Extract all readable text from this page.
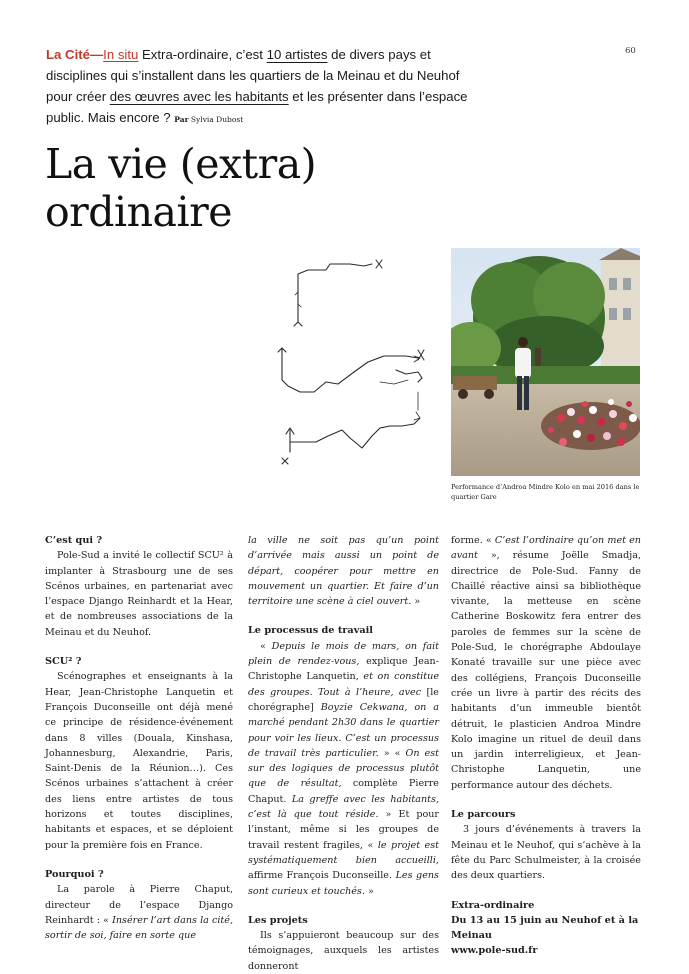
La Cité—In situ Extra-ordinaire, c’est 10 artistes de divers pays et disciplines qui s’installent dans les quartiers de la Meinau et du Neuhof pour créer des œuvres avec les habitants et les présenter dans l’espace public. Mais encore ? Par Sylvia Dubost
60
La vie (extra)
ordinaire
Performance d’Androa Mindre Kolo en mai 2016 dans le quartier Gare
C’est qui ?

Pole-Sud a invité le collectif SCU² à implanter à Strasbourg une de ses Scénos urbaines, en partenariat avec l’espace Django Reinhardt et la Hear, et de nombreuses associations de la Meinau et du Neuhof.

SCU² ?

Scénographes et enseignants à la Hear, Jean-Christophe Lanquetin et François Duconseille ont déjà mené ce principe de résidence-événement dans 8 villes (Douala, Kinshasa, Johannesburg, Alexandrie, Paris, Saint-Denis de la Réunion…). Ces Scénos urbaines s’attachent à créer des liens entre artistes de tous horizons et toutes disciplines, habitants et espaces, et se déploient pour la première fois en France.

Pourquoi ?

La parole à Pierre Chaput, directeur de l’espace Django Reinhardt : « Insérer l’art dans la cité, sortir de soi, faire en sorte que

la ville ne soit pas qu’un point d’arrivée mais aussi un point de départ, coopérer pour mettre en mouvement un quartier. Et faire d’un territoire une scène à ciel ouvert. »

Le processus de travail

« Depuis le mois de mars, on fait plein de rendez-vous, explique Jean-Christophe Lanquetin, et on constitue des groupes. Tout à l’heure, avec [le chorégraphe] Boyzie Cekwana, on a marché pendant 2h30 dans le quartier pour voir les lieux. C’est un processus de travail très particulier. » « On est sur des logiques de processus plutôt que de résultat, complète Pierre Chaput. La greffe avec les habitants, c’est là que tout réside. » Et pour l’instant, même si les groupes de travail restent fragiles, « le projet est systématiquement bien accueilli, affirme François Duconseille. Les gens sont curieux et touchés. »

Les projets

Ils s’appuieront beaucoup sur des témoignages, auxquels les artistes donneront

forme. « C’est l’ordinaire qu’on met en avant », résume Joëlle Smadja, directrice de Pole-Sud. Fanny de Chaillé réactive ainsi sa bibliothèque vivante, la metteuse en scène Catherine Boskowitz fera entrer des paroles de femmes sur la scène de Pole-Sud, le chorégraphe Abdoulaye Konaté travaille sur une pièce avec des collégiens, François Duconseille crée un livre à partir des récits des habitants d’un immeuble bientôt détruit, le plasticien Androa Mindre Kolo imagine un rituel de deuil dans un jardin interreligieux, et Jean-Christophe Lanquetin, une performance autour des déchets.

Le parcours

3 jours d’événements à travers la Meinau et le Neuhof, qui s’achève à la fête du Parc Schulmeister, à la croisée des deux quartiers.

Extra-ordinaire
Du 13 au 15 juin au Neuhof et à la Meinau
www.pole-sud.fr
